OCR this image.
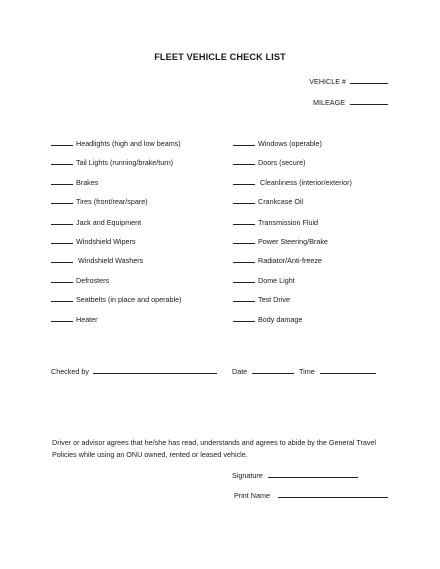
FLEET VEHICLE CHECK LIST
VEHICLE #
MILEAGE
Headlights (high and low beams)
Tail Lights (running/brake/turn)
Brakes
Tires (front/rear/spare)
Jack and Equipment
Windshield Wipers
Windshield Washers
Defrosters
Seatbelts (in place and operable)
Heater
Windows (operable)
Doors (secure)
Cleanliness (interior/exterior)
Crankcase Oil
Transmission Fluid
Power Steering/Brake
Radiator/Anti-freeze
Dome Light
Test Drive
Body damage
Checked by	Date	Time
Driver or advisor agrees that he/she has read, understands and agrees to abide by the General Travel Policies while using an ONU owned, rented or leased vehicle.
Signature
Print Name
